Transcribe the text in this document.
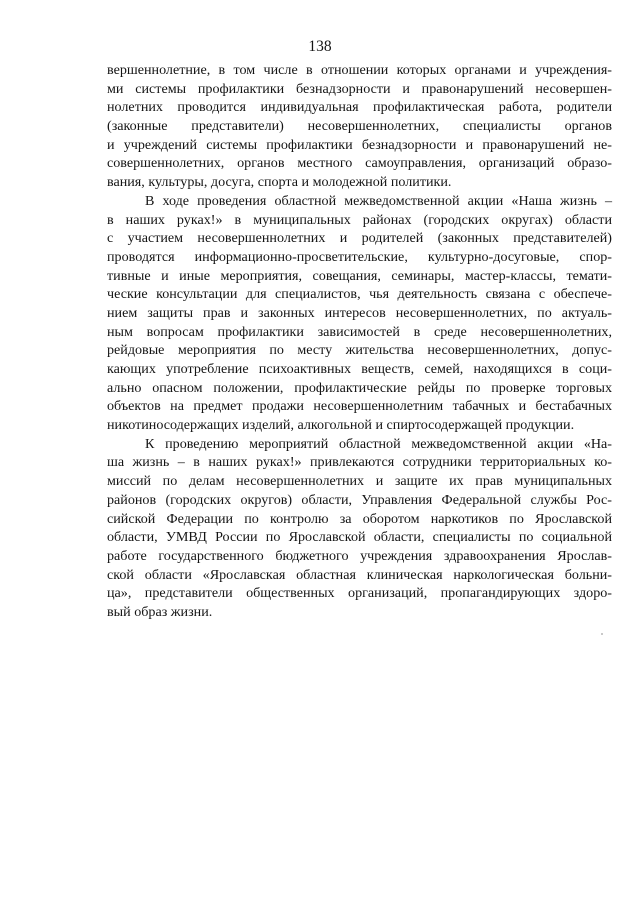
138
вершеннолетние, в том числе в отношении которых органами и учреждения-
ми системы профилактики безнадзорности и правонарушений несовершен-
нолетних проводится индивидуальная профилактическая работа, родители
(законные представители) несовершеннолетних, специалисты органов
и учреждений системы профилактики безнадзорности и правонарушений не-
совершеннолетних, органов местного самоуправления, организаций образо-
вания, культуры, досуга, спорта и молодежной политики.
В ходе проведения областной межведомственной акции «Наша жизнь –
в наших руках!» в муниципальных районах (городских округах) области
с участием несовершеннолетних и родителей (законных представителей)
проводятся информационно-просветительские, культурно-досуговые, спор-
тивные и иные мероприятия, совещания, семинары, мастер-классы, темати-
ческие консультации для специалистов, чья деятельность связана с обеспече-
нием защиты прав и законных интересов несовершеннолетних, по актуаль-
ным вопросам профилактики зависимостей в среде несовершеннолетних,
рейдовые мероприятия по месту жительства несовершеннолетних, допус-
кающих употребление психоактивных веществ, семей, находящихся в соци-
ально опасном положении, профилактические рейды по проверке торговых
объектов на предмет продажи несовершеннолетним табачных и бестабачных
никотиносодержащих изделий, алкогольной и спиртосодержащей продукции.
К проведению мероприятий областной межведомственной акции «На-
ша жизнь – в наших руках!» привлекаются сотрудники территориальных ко-
миссий по делам несовершеннолетних и защите их прав муниципальных
районов (городских округов) области, Управления Федеральной службы Рос-
сийской Федерации по контролю за оборотом наркотиков по Ярославской
области, УМВД России по Ярославской области, специалисты по социальной
работе государственного бюджетного учреждения здравоохранения Ярослав-
ской области «Ярославская областная клиническая наркологическая больни-
ца», представители общественных организаций, пропагандирующих здоро-
вый образ жизни.
